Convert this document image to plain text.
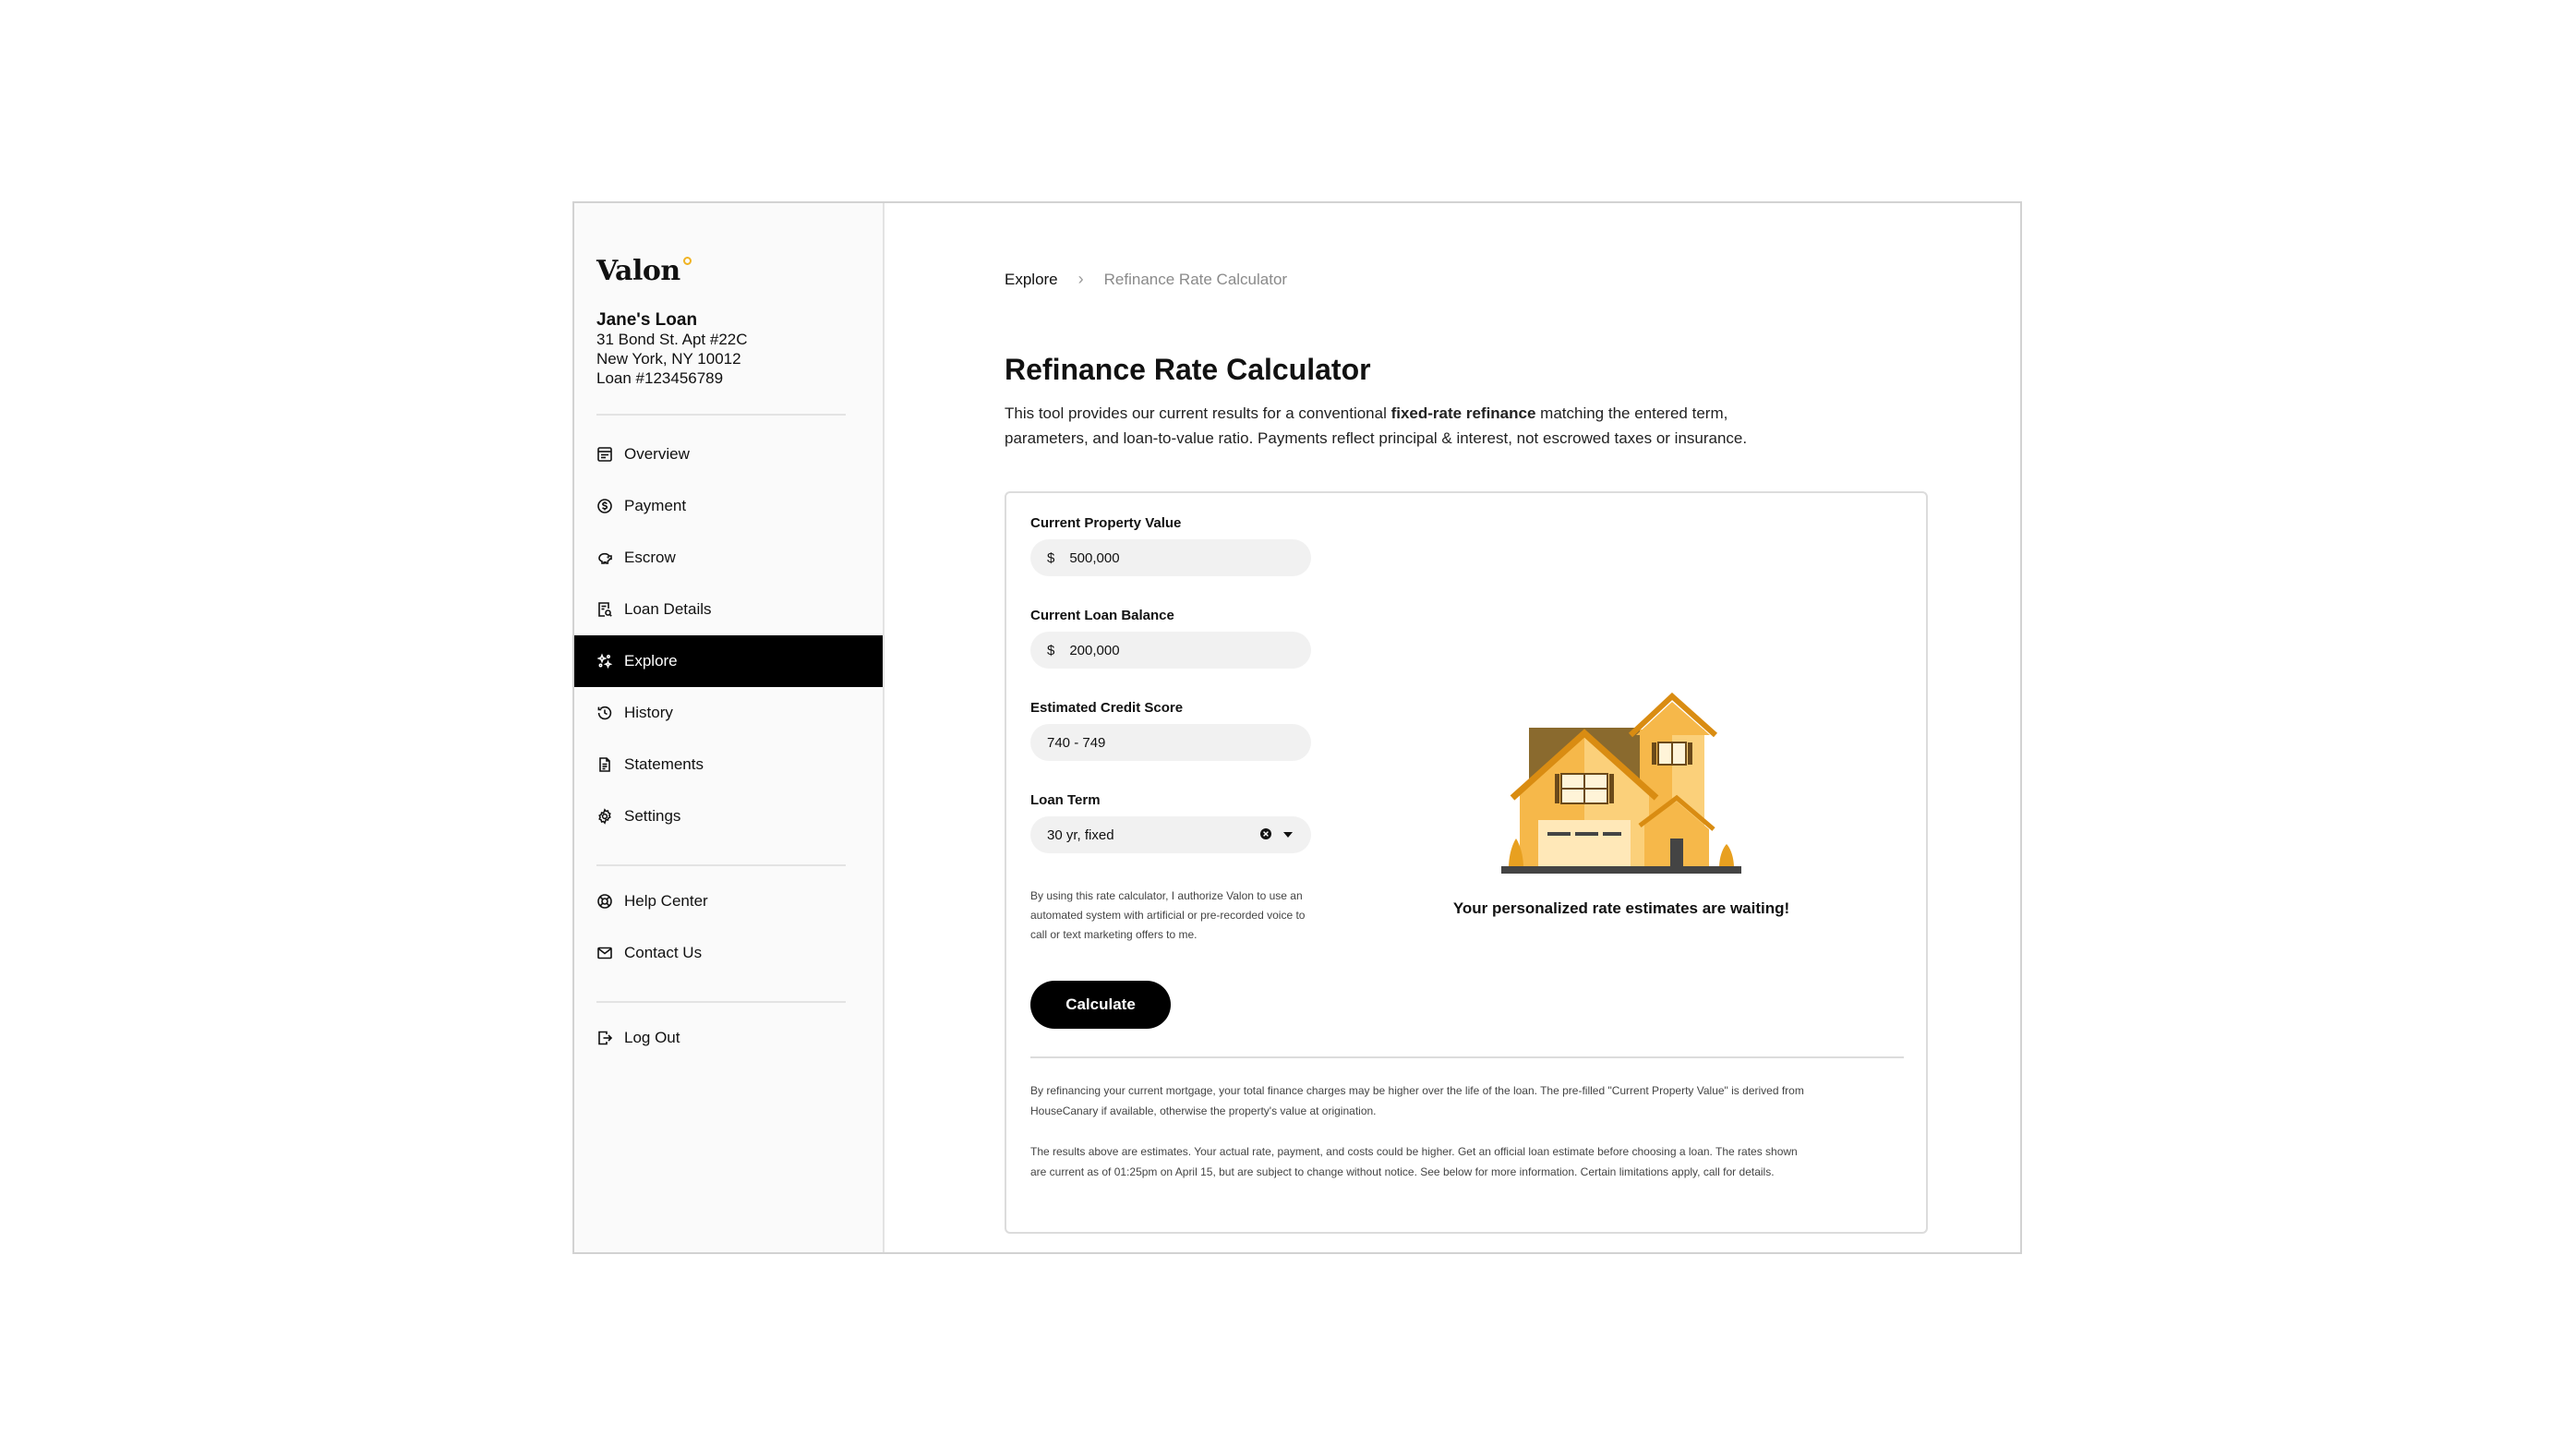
Valon
Jane's Loan
31 Bond St. Apt #22C
New York, NY 10012
Loan #123456789
Overview
Payment
Escrow
Loan Details
Explore
History
Statements
Settings
Help Center
Contact Us
Log Out
Explore › Refinance Rate Calculator
Refinance Rate Calculator

This tool provides our current results for a conventional fixed-rate refinance matching the entered term, parameters, and loan-to-value ratio. Payments reflect principal & interest, not escrowed taxes or insurance.

Current Property Value
$ 500,000
Current Loan Balance
$ 200,000
Estimated Credit Score
740 - 749
Loan Term
30 yr, fixed

By using this rate calculator, I authorize Valon to use an automated system with artificial or pre-recorded voice to call or text marketing offers to me.

Calculate

By refinancing your current mortgage, your total finance charges may be higher over the life of the loan. The pre-filled "Current Property Value" is derived from HouseCanary if available, otherwise the property's value at origination.

The results above are estimates. Your actual rate, payment, and costs could be higher. Get an official loan estimate before choosing a loan. The rates shown are current as of 01:25pm on April 15, but are subject to change without notice. See below for more information. Certain limitations apply, call for details.

Your personalized rate estimates are waiting!
